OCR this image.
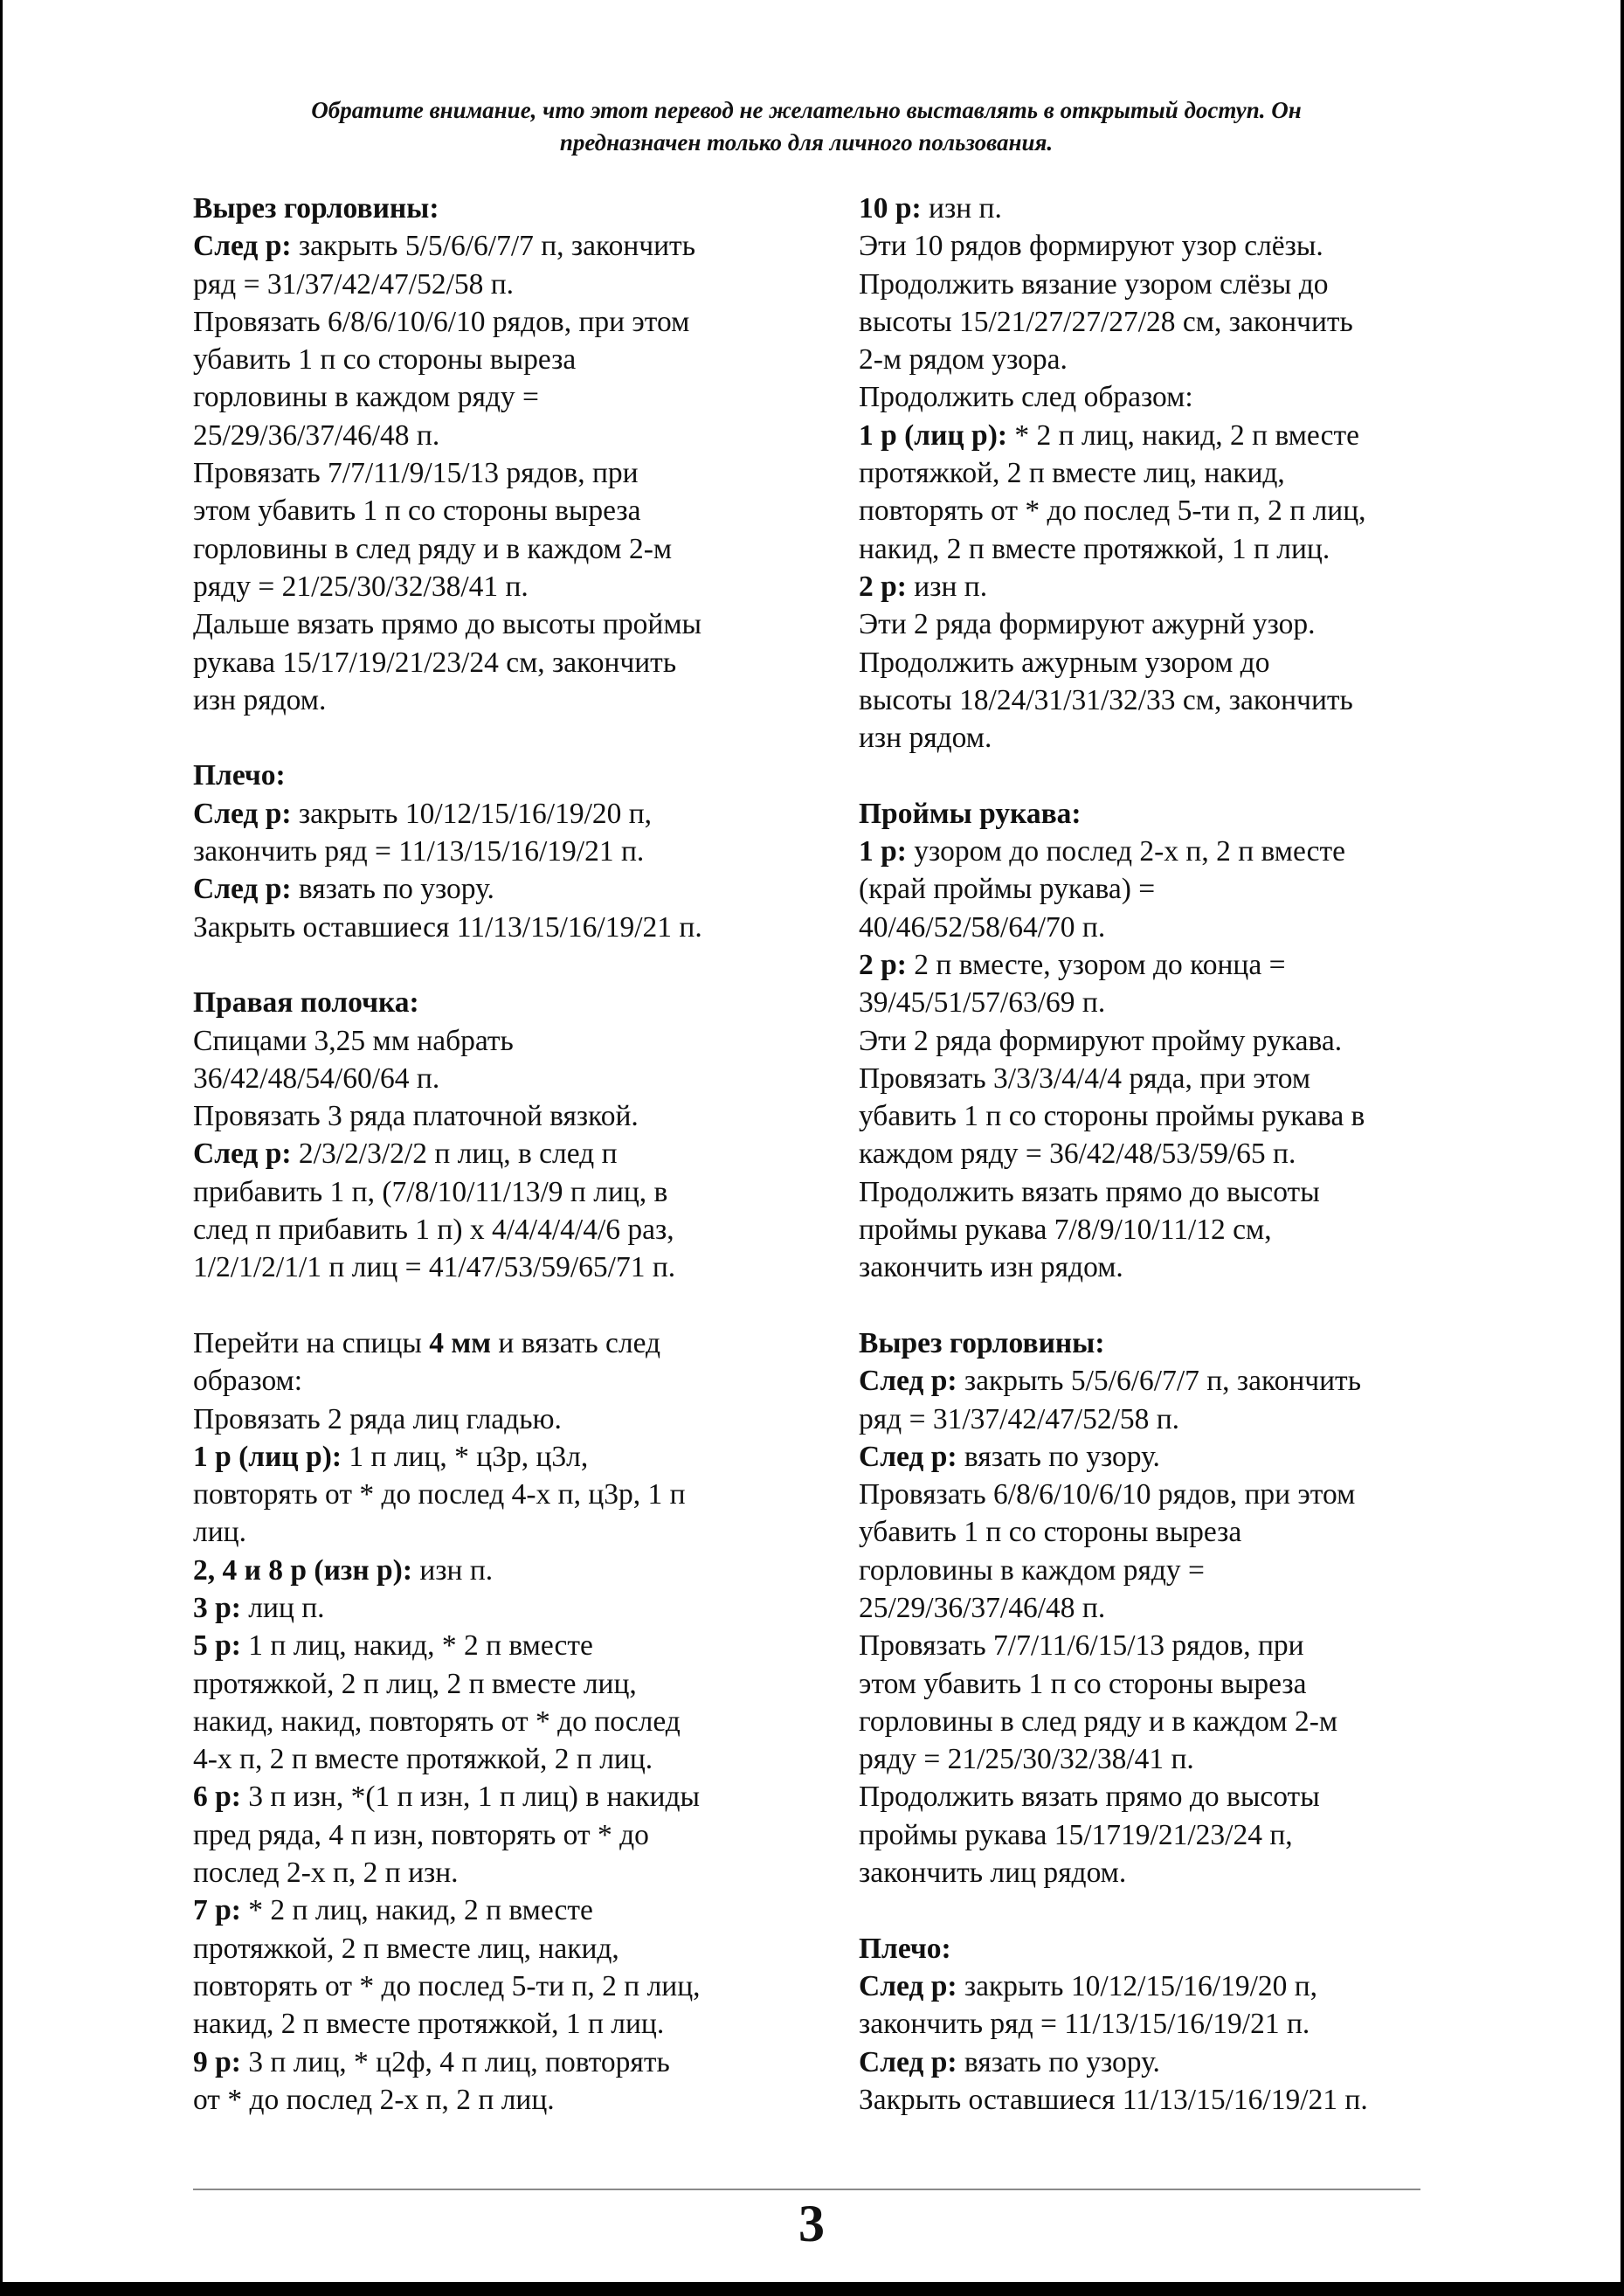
Обратите внимание, что этот перевод не желательно выставлять в открытый доступ. Он
предназначен только для личного пользования.
Вырез горловины:
След р: закрыть 5/5/6/6/7/7 п, закончить
ряд = 31/37/42/47/52/58 п.
Провязать 6/8/6/10/6/10 рядов, при этом
убавить 1 п со стороны выреза
горловины в каждом ряду =
25/29/36/37/46/48 п.
Провязать 7/7/11/9/15/13 рядов, при
этом убавить 1 п со стороны выреза
горловины в след ряду и в каждом 2-м
ряду = 21/25/30/32/38/41 п.
Дальше вязать прямо до высоты проймы
рукава 15/17/19/21/23/24 см, закончить
изн рядом.
Плечо:
След р: закрыть 10/12/15/16/19/20 п,
закончить ряд = 11/13/15/16/19/21 п.
След р: вязать по узору.
Закрыть оставшиеся 11/13/15/16/19/21 п.
Правая полочка:
Спицами 3,25 мм набрать
36/42/48/54/60/64 п.
Провязать 3 ряда платочной вязкой.
След р: 2/3/2/3/2/2 п лиц, в след п
прибавить 1 п, (7/8/10/11/13/9 п лиц, в
след п прибавить 1 п) х 4/4/4/4/4/6 раз,
1/2/1/2/1/1 п лиц = 41/47/53/59/65/71 п.
Перейти на спицы 4 мм и вязать след
образом:
Провязать 2 ряда лиц гладью.
1 р (лиц р): 1 п лиц, * ц3р, ц3л,
повторять от * до послед 4-х п, ц3р, 1 п
лиц.
2, 4 и 8 р (изн р): изн п.
3 р: лиц п.
5 р: 1 п лиц, накид, * 2 п вместе
протяжкой, 2 п лиц, 2 п вместе лиц,
накид, накид, повторять от * до послед
4-х п, 2 п вместе протяжкой, 2 п лиц.
6 р: 3 п изн, *(1 п изн, 1 п лиц) в накиды
пред ряда, 4 п изн, повторять от * до
послед 2-х п, 2 п изн.
7 р: * 2 п лиц, накид, 2 п вместе
протяжкой, 2 п вместе лиц, накид,
повторять от * до послед 5-ти п, 2 п лиц,
накид, 2 п вместе протяжкой, 1 п лиц.
9 р: 3 п лиц, * ц2ф, 4 п лиц, повторять
от * до послед 2-х п, 2 п лиц.
10 р: изн п.
Эти 10 рядов формируют узор слёзы.
Продолжить вязание узором слёзы до
высоты 15/21/27/27/27/28 см, закончить
2-м рядом узора.
Продолжить след образом:
1 р (лиц р): * 2 п лиц, накид, 2 п вместе
протяжкой, 2 п вместе лиц, накид,
повторять от * до послед 5-ти п, 2 п лиц,
накид, 2 п вместе протяжкой, 1 п лиц.
2 р: изн п.
Эти 2 ряда формируют ажурнй узор.
Продолжить ажурным узором до
высоты 18/24/31/31/32/33 см, закончить
изн рядом.
Проймы рукава:
1 р: узором до послед 2-х п, 2 п вместе
(край проймы рукава) =
40/46/52/58/64/70 п.
2 р: 2 п вместе, узором до конца =
39/45/51/57/63/69 п.
Эти 2 ряда формируют пройму рукава.
Провязать 3/3/3/4/4/4 ряда, при этом
убавить 1 п со стороны проймы рукава в
каждом ряду = 36/42/48/53/59/65 п.
Продолжить вязать прямо до высоты
проймы рукава 7/8/9/10/11/12 см,
закончить изн рядом.
Вырез горловины:
След р: закрыть 5/5/6/6/7/7 п, закончить
ряд = 31/37/42/47/52/58 п.
След р: вязать по узору.
Провязать 6/8/6/10/6/10 рядов, при этом
убавить 1 п со стороны выреза
горловины в каждом ряду =
25/29/36/37/46/48 п.
Провязать 7/7/11/6/15/13 рядов, при
этом убавить 1 п со стороны выреза
горловины в след ряду и в каждом 2-м
ряду = 21/25/30/32/38/41 п.
Продолжить вязать прямо до высоты
проймы рукава 15/1719/21/23/24 п,
закончить лиц рядом.
Плечо:
След р: закрыть 10/12/15/16/19/20 п,
закончить ряд = 11/13/15/16/19/21 п.
След р: вязать по узору.
Закрыть оставшиеся 11/13/15/16/19/21 п.
3
